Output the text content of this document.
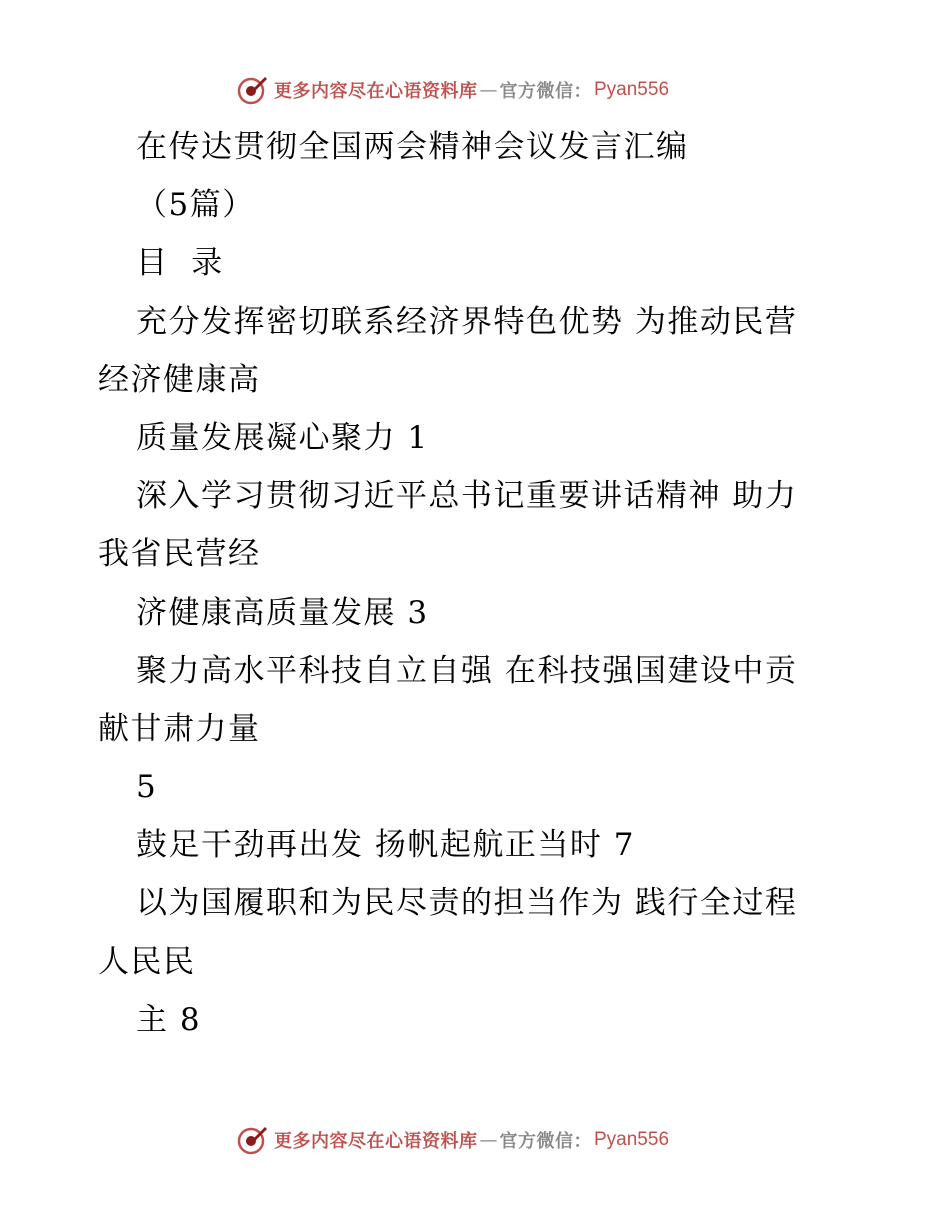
更多内容尽在心语资料库 — 官方微信： Pyan556
在传达贯彻全国两会精神会议发言汇编
（5篇）
目  录
充分发挥密切联系经济界特色优势 为推动民营
经济健康高
质量发展凝心聚力 1
深入学习贯彻习近平总书记重要讲话精神 助力
我省民营经
济健康高质量发展 3
聚力高水平科技自立自强 在科技强国建设中贡
献甘肃力量
5
鼓足干劲再出发 扬帆起航正当时 7
以为国履职和为民尽责的担当作为 践行全过程
人民民
主 8
更多内容尽在心语资料库 — 官方微信： Pyan556
